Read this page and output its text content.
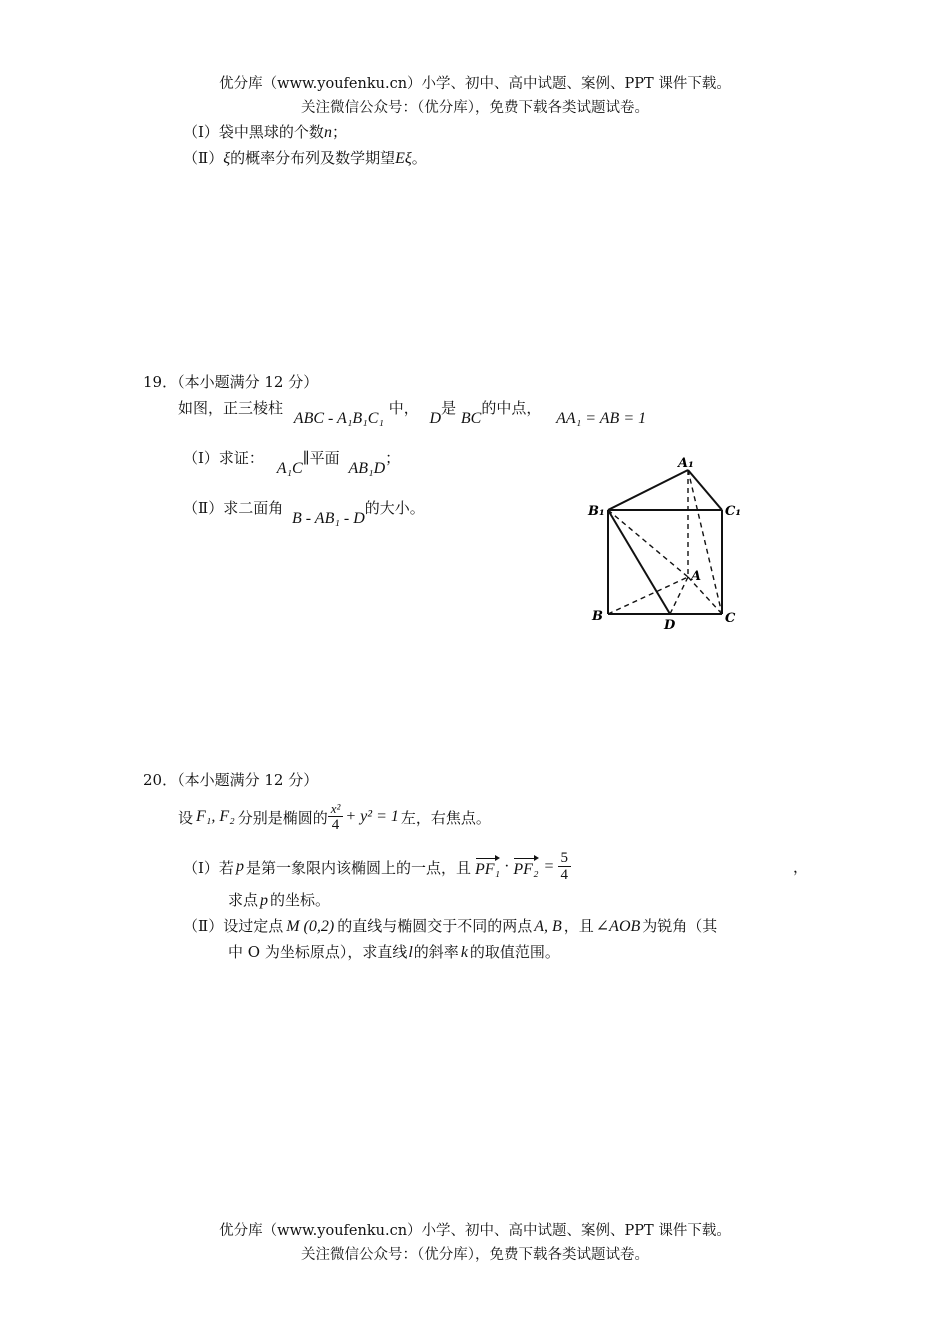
优分库（www.youfenku.cn）小学、初中、高中试题、案例、PPT 课件下载。
关注微信公众号：（优分库），免费下载各类试题试卷。
（Ⅰ）袋中黑球的个数n；
（Ⅱ）ξ的概率分布列及数学期望Eξ。
19．（本小题满分 12 分）
如图，正三棱柱 ABC - A₁B₁C₁ 中， D是 BC的中点， AA₁ = AB = 1
（Ⅰ）求证： A₁C∥平面 AB₁D；
（Ⅱ）求二面角 B - AB₁ - D的大小。
A₁
B₁	C₁
A
B
D	C
20．（本小题满分 12 分）
设 F₁, F₂ 分别是椭圆的 $\frac{\text{x²}}{4} + y^2 = 1$ 左，右焦点。
（Ⅰ）若 p 是第一象限内该椭圆上的一点，且 $PF_1 \cdot PF_2 = \frac{5}{4}$	，
求点 p 的坐标。
（Ⅱ）设过定点 M (0,2) 的直线与椭圆交于不同的两点 A, B ，且 ∠AOB 为锐角（其
中 O 为坐标原点），求直线l的斜率 k 的取值范围。
优分库（www.youfenku.cn）小学、初中、高中试题、案例、PPT 课件下载。
关注微信公众号：（优分库），免费下载各类试题试卷。
